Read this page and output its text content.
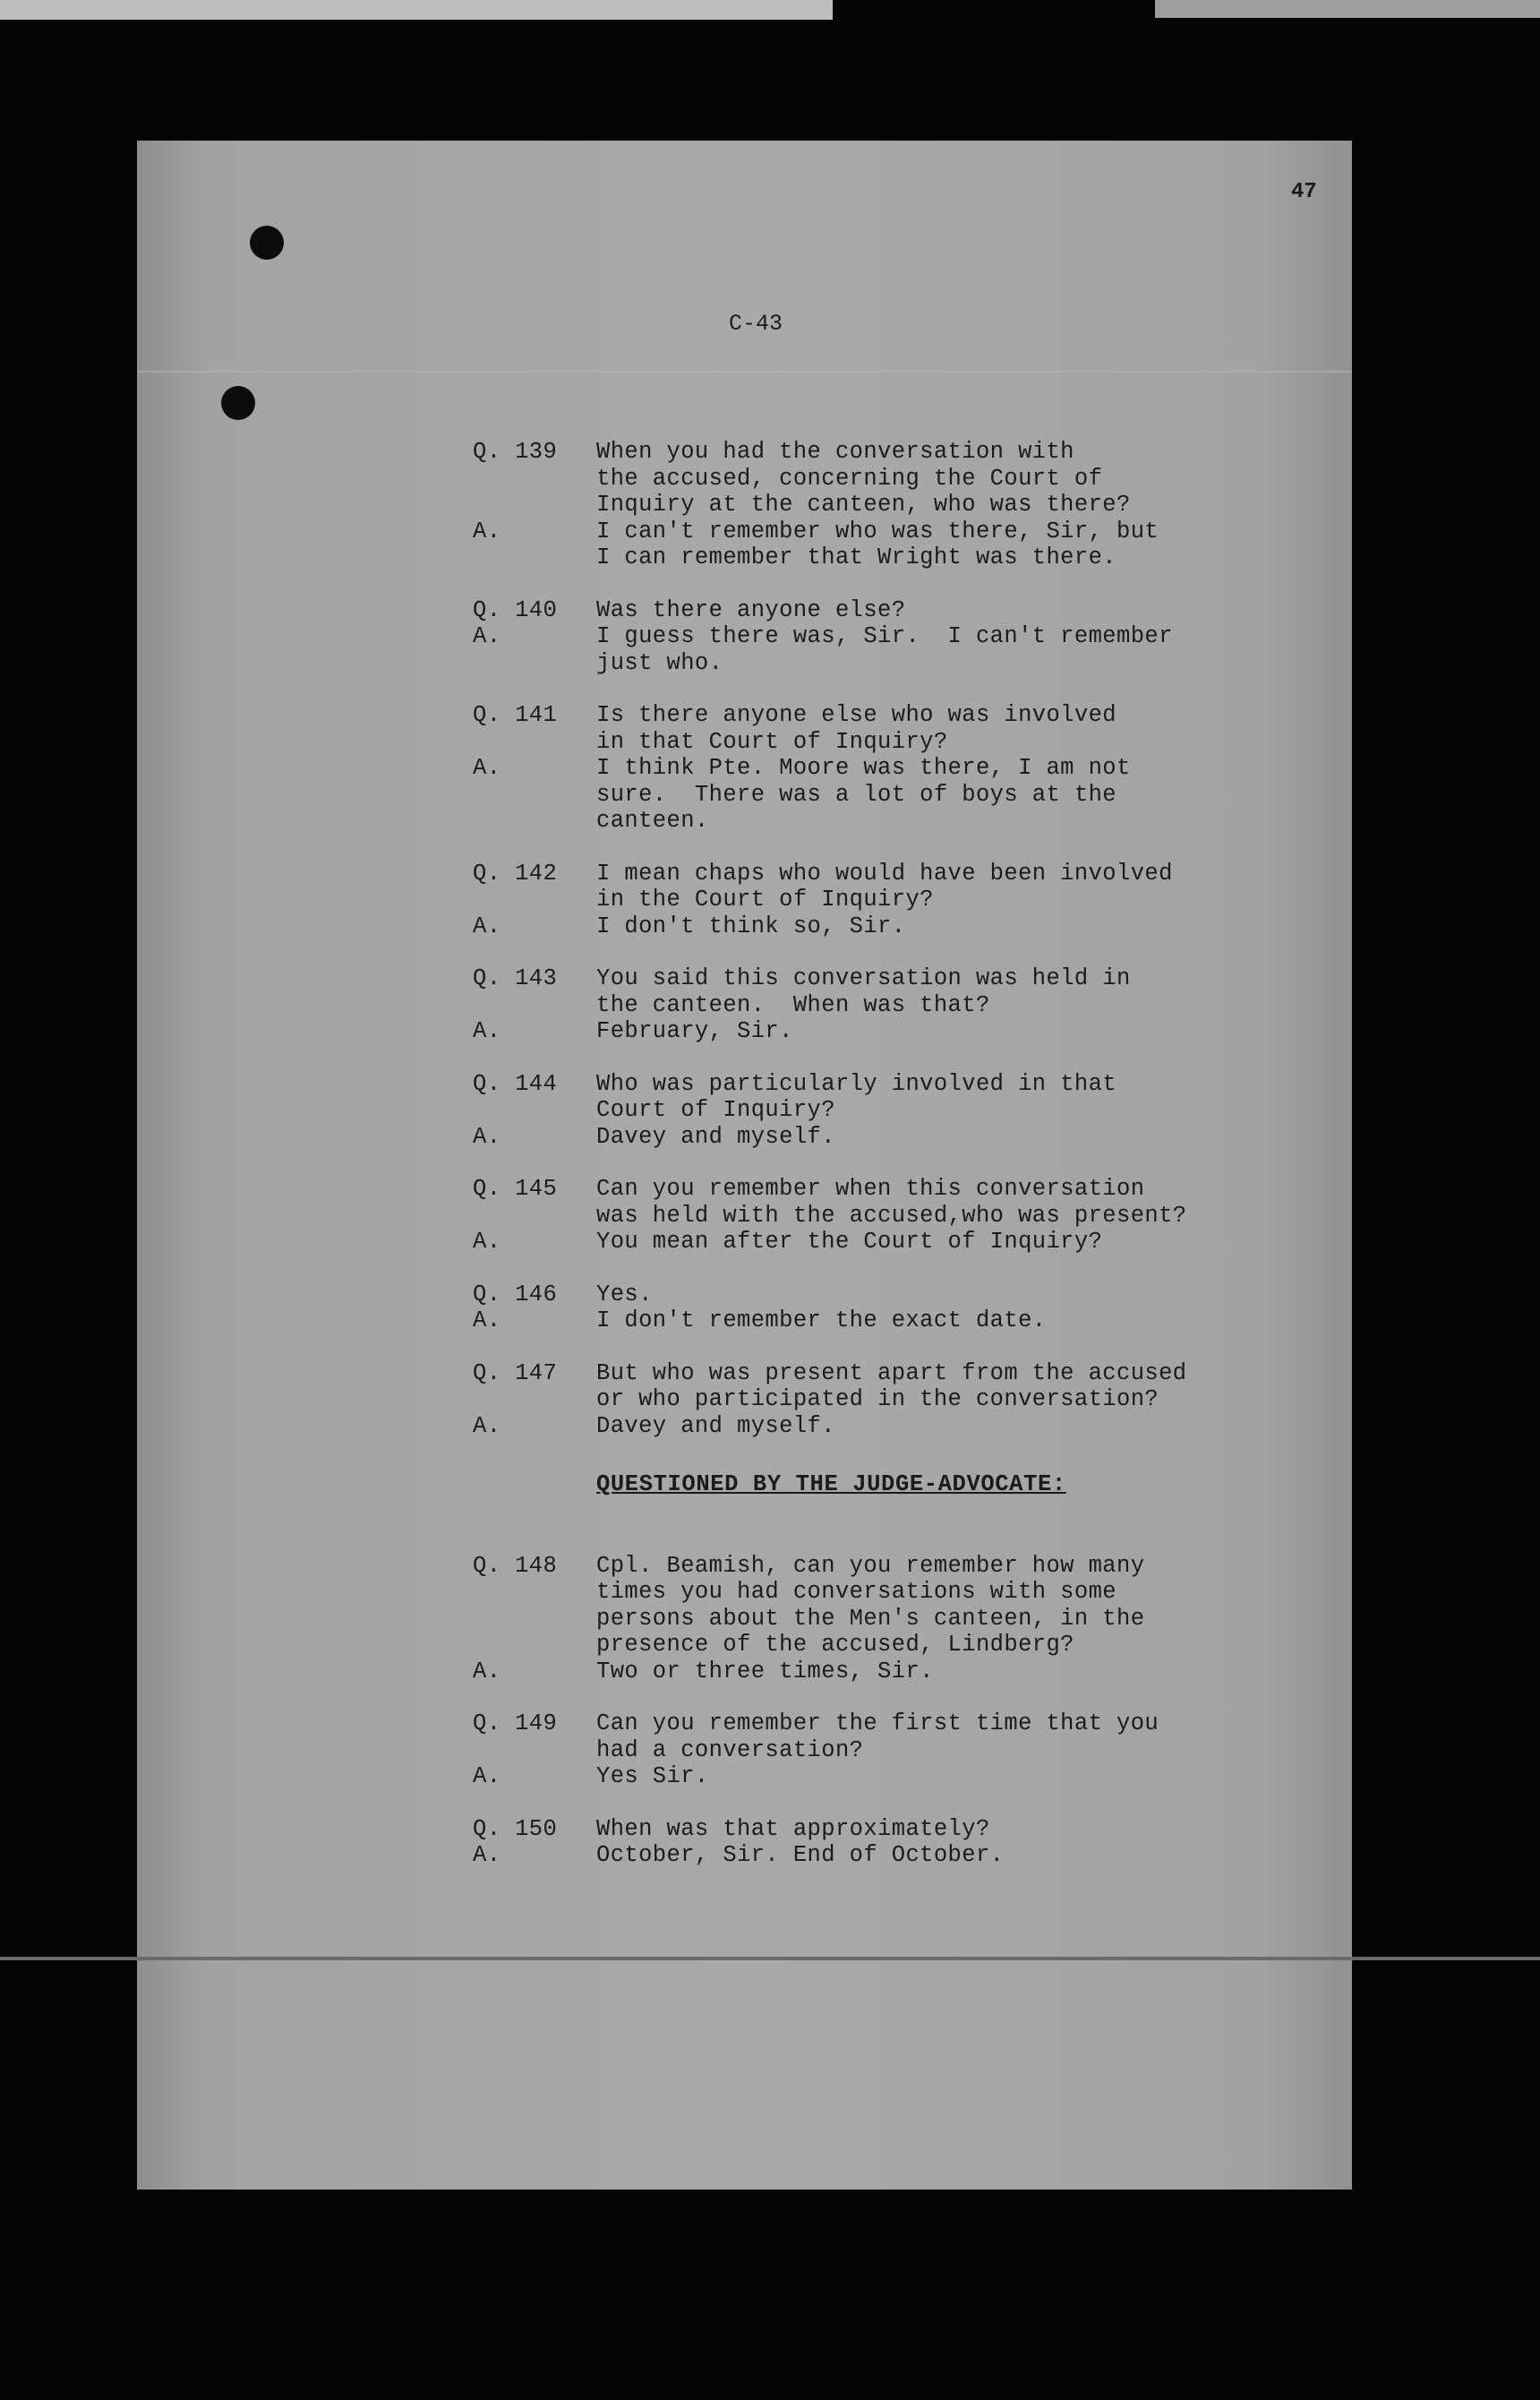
47
C-43
Q. 139	When you had the conversation with
the accused, concerning the Court of
Inquiry at the canteen, who was there?
A.	I can't remember who was there, Sir, but
I can remember that Wright was there.
Q. 140	Was there anyone else?
A.	I guess there was, Sir.  I can't remember
just who.
Q. 141	Is there anyone else who was involved
in that Court of Inquiry?
A.	I think Pte. Moore was there, I am not
sure.  There was a lot of boys at the
canteen.
Q. 142	I mean chaps who would have been involved
in the Court of Inquiry?
A.	I don't think so, Sir.
Q. 143	You said this conversation was held in
the canteen.  When was that?
A.	February, Sir.
Q. 144	Who was particularly involved in that
Court of Inquiry?
A.	Davey and myself.
Q. 145	Can you remember when this conversation
was held with the accused,who was present?
A.	You mean after the Court of Inquiry?
Q. 146	Yes.
A.	I don't remember the exact date.
Q. 147	But who was present apart from the accused
or who participated in the conversation?
A.	Davey and myself.
QUESTIONED BY THE JUDGE-ADVOCATE:
Q. 148	Cpl. Beamish, can you remember how many
times you had conversations with some
persons about the Men's canteen, in the
presence of the accused, Lindberg?
A.	Two or three times, Sir.
Q. 149	Can you remember the first time that you
had a conversation?
A.	Yes Sir.
Q. 150	When was that approximately?
A.	October, Sir. End of October.
